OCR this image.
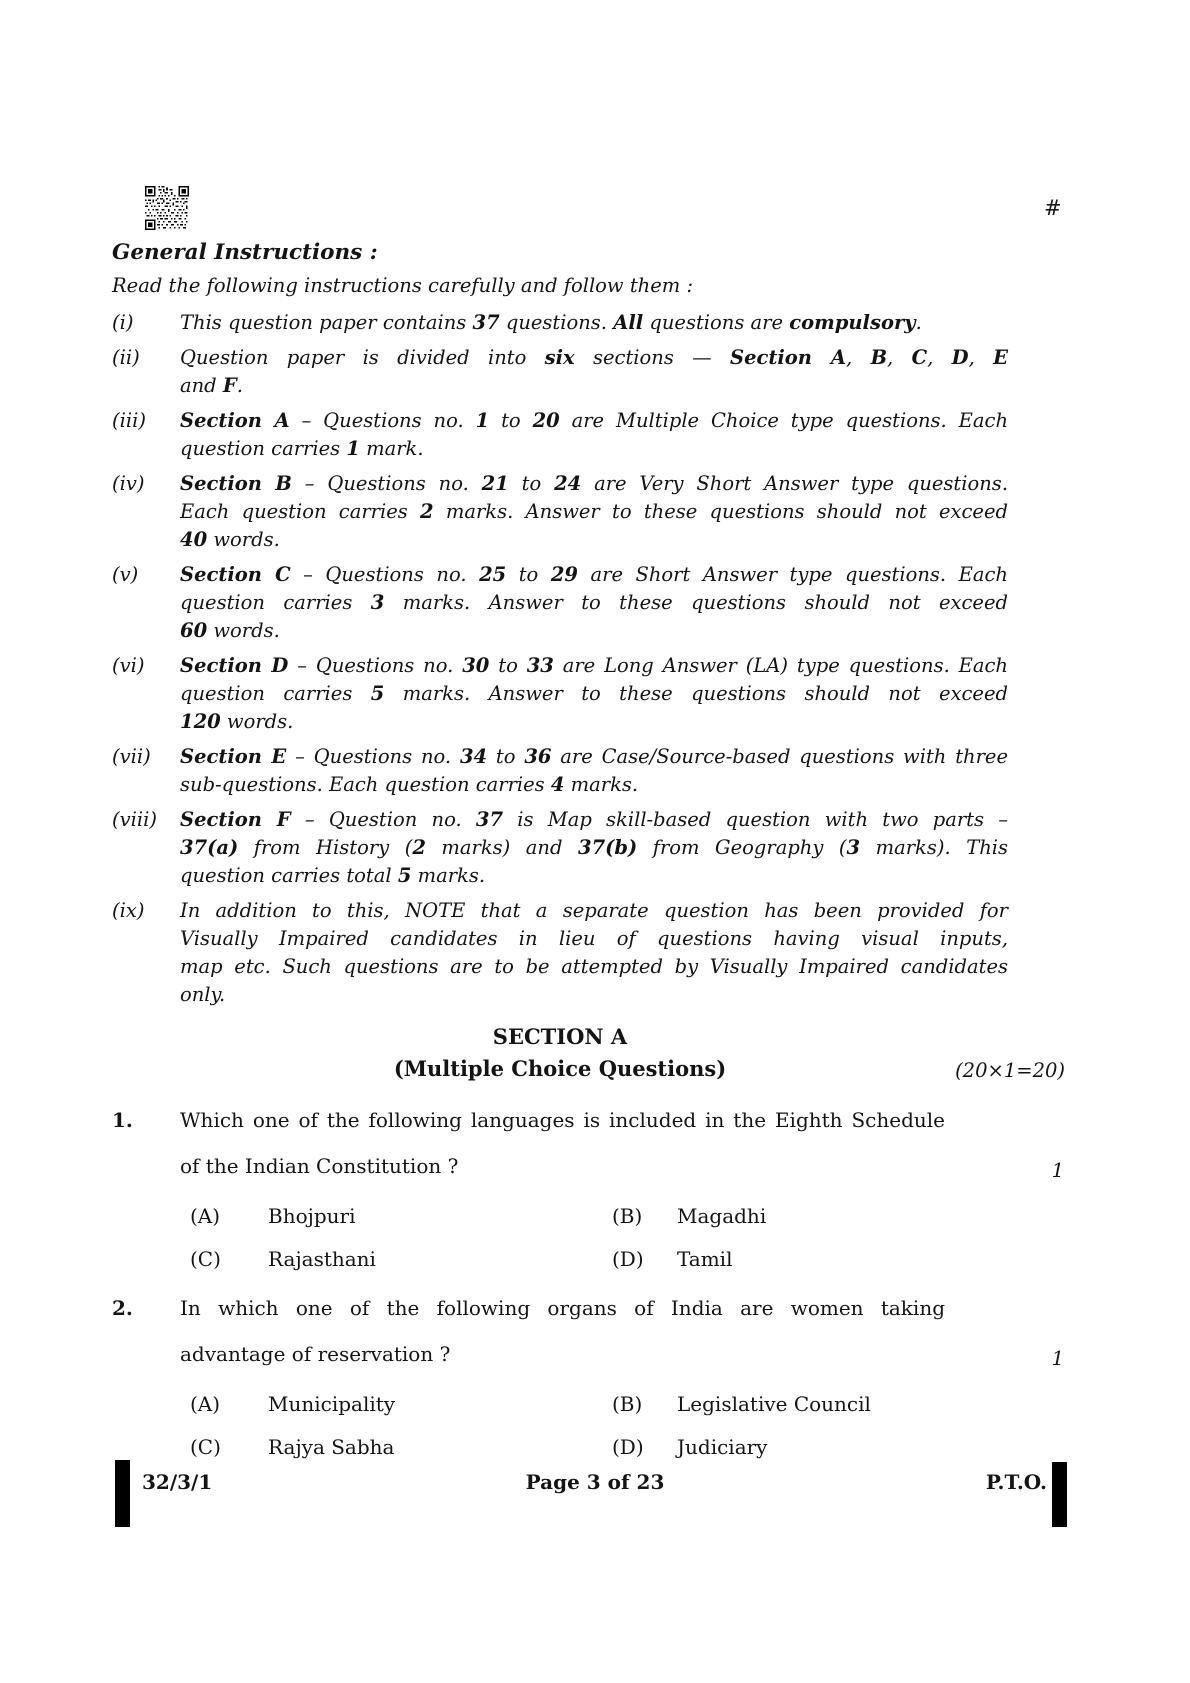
#
General Instructions :
Read the following instructions carefully and follow them :
(i)	This question paper contains 37 questions. All questions are compulsory.
(ii)	Question paper is divided into six sections — Section A, B, C, D, E
and F.
(iii)	Section A – Questions no. 1 to 20 are Multiple Choice type questions. Each
question carries 1 mark.
(iv)	Section B – Questions no. 21 to 24 are Very Short Answer type questions.
Each question carries 2 marks. Answer to these questions should not exceed
40 words.
(v)	Section C – Questions no. 25 to 29 are Short Answer type questions. Each
question carries 3 marks. Answer to these questions should not exceed
60 words.
(vi)	Section D – Questions no. 30 to 33 are Long Answer (LA) type questions. Each
question carries 5 marks. Answer to these questions should not exceed
120 words.
(vii)	Section E – Questions no. 34 to 36 are Case/Source-based questions with three
sub-questions. Each question carries 4 marks.
(viii)	Section F – Question no. 37 is Map skill-based question with two parts –
37(a) from History (2 marks) and 37(b) from Geography (3 marks). This
question carries total 5 marks.
(ix)	In addition to this, NOTE that a separate question has been provided for
Visually Impaired candidates in lieu of questions having visual inputs,
map etc. Such questions are to be attempted by Visually Impaired candidates
only.
SECTION A
(Multiple Choice Questions)	(20×1=20)
1.	Which one of the following languages is included in the Eighth Schedule
of the Indian Constitution ?	1
(A)	Bhojpuri	(B)	Magadhi
(C)	Rajasthani	(D)	Tamil
2.	In which one of the following organs of India are women taking
advantage of reservation ?	1
(A)	Municipality	(B)	Legislative Council
(C)	Rajya Sabha	(D)	Judiciary
32/3/1	Page 3 of 23	P.T.O.
